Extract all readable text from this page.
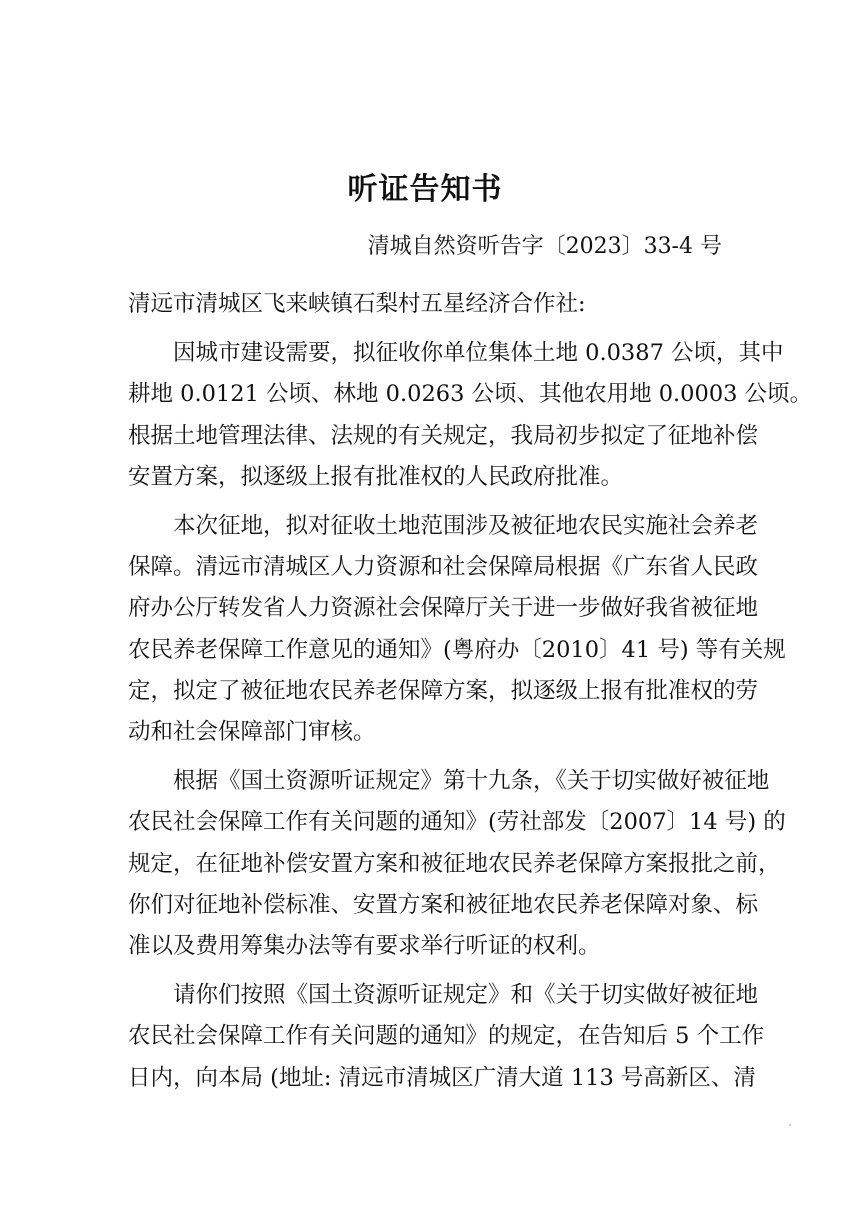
听证告知书
清城自然资听告字〔2023〕33-4 号

清远市清城区飞来峡镇石梨村五星经济合作社:

因城市建设需要，拟征收你单位集体土地 0.0387 公顷，其中
耕地 0.0121 公顷、林地 0.0263 公顷、其他农用地 0.0003 公顷。
根据土地管理法律、法规的有关规定，我局初步拟定了征地补偿
安置方案，拟逐级上报有批准权的人民政府批准。
本次征地，拟对征收土地范围涉及被征地农民实施社会养老
保障。清远市清城区人力资源和社会保障局根据《广东省人民政
府办公厅转发省人力资源社会保障厅关于进一步做好我省被征地
农民养老保障工作意见的通知》(粤府办〔2010〕41 号) 等有关规
定，拟定了被征地农民养老保障方案，拟逐级上报有批准权的劳
动和社会保障部门审核。
根据《国土资源听证规定》第十九条，《关于切实做好被征地
农民社会保障工作有关问题的通知》(劳社部发〔2007〕14 号) 的
规定，在征地补偿安置方案和被征地农民养老保障方案报批之前，
你们对征地补偿标准、安置方案和被征地农民养老保障对象、标
准以及费用筹集办法等有要求举行听证的权利。
请你们按照《国土资源听证规定》和《关于切实做好被征地
农民社会保障工作有关问题的通知》的规定，在告知后 5 个工作
日内，向本局 (地址: 清远市清城区广清大道 113 号高新区、清
